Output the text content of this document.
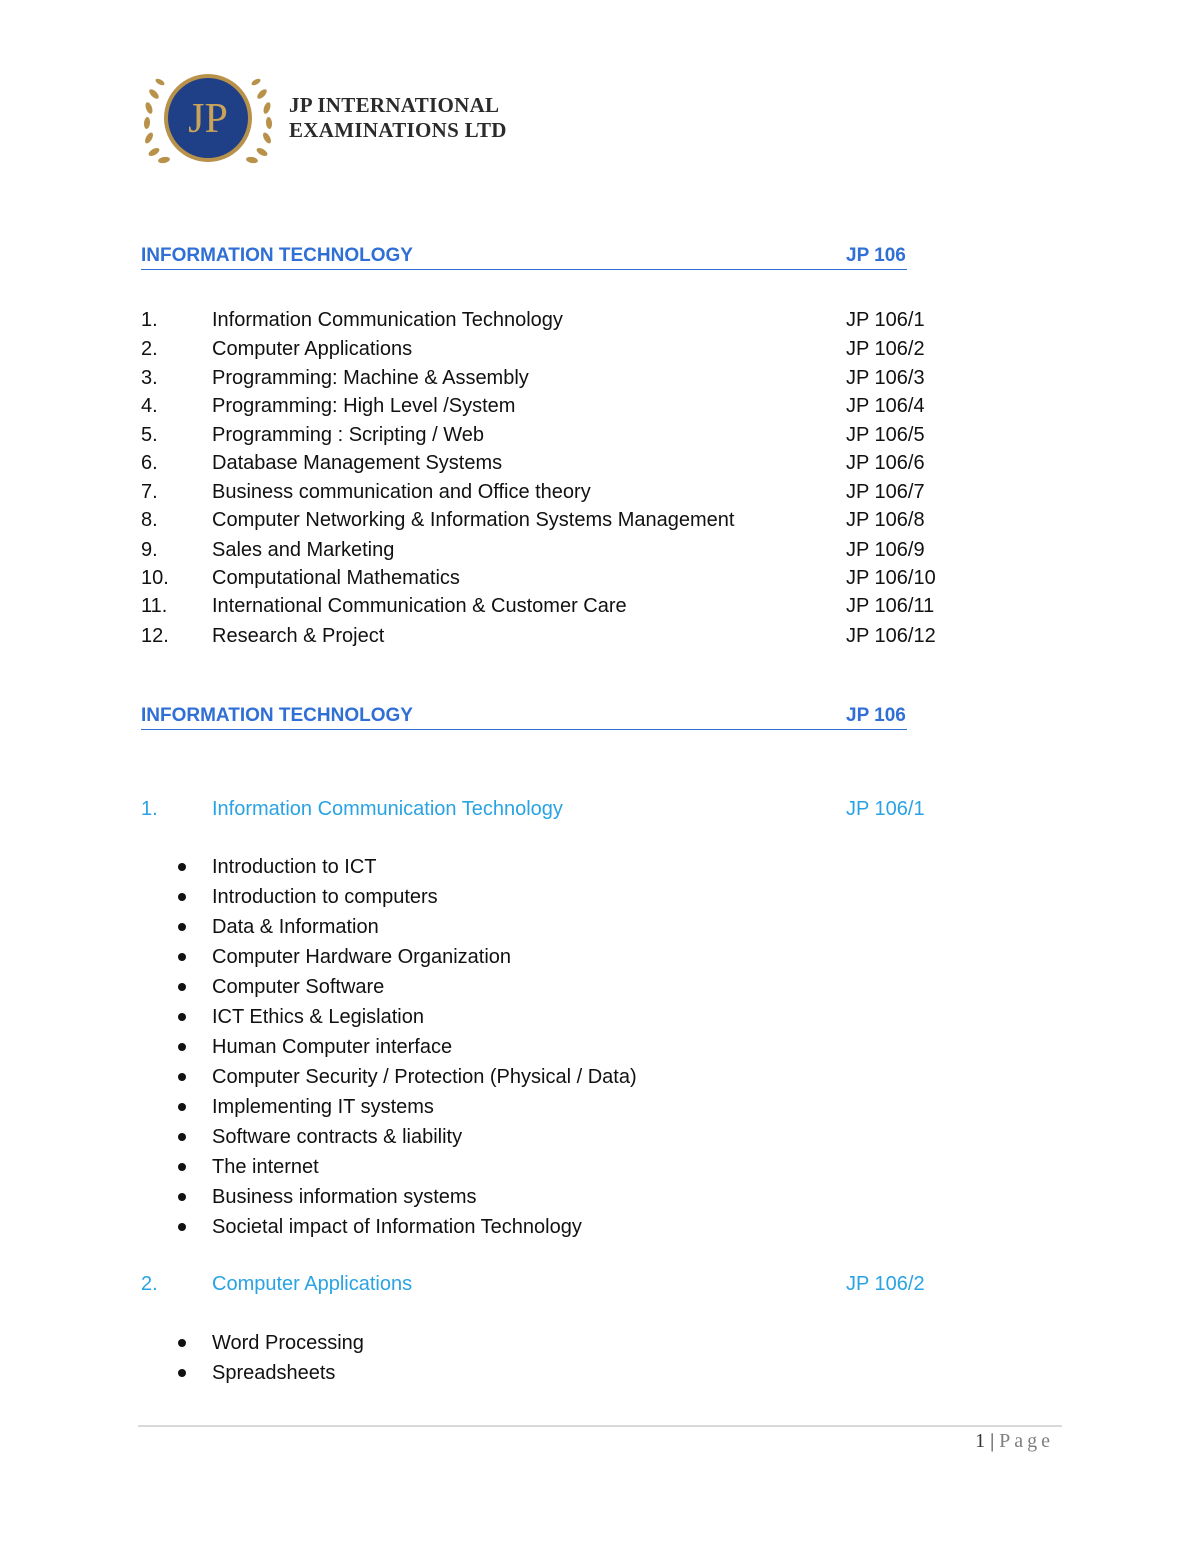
JP	JP INTERNATIONAL
EXAMINATIONS LTD
INFORMATION TECHNOLOGY	JP 106
1.	Information Communication Technology	JP 106/1
2.	Computer Applications	JP 106/2
3.	Programming: Machine & Assembly	JP 106/3
4.	Programming: High Level /System	JP 106/4
5.	Programming : Scripting / Web	JP 106/5
6.	Database Management Systems	JP 106/6
7.	Business communication and Office theory	JP 106/7
8.	Computer Networking & Information Systems Management	JP 106/8
9.	Sales and Marketing	JP 106/9
10. Computational Mathematics	JP 106/10
11. International Communication & Customer Care	JP 106/11
12. Research & Project	JP 106/12
INFORMATION TECHNOLOGY	JP 106
1.	Information Communication Technology	JP 106/1
Introduction to ICT
Introduction to computers
Data & Information
Computer Hardware Organization
Computer Software
ICT Ethics & Legislation
Human Computer interface
Computer Security / Protection (Physical / Data)
Implementing IT systems
Software contracts & liability
The internet
Business information systems
Societal impact of Information Technology
2.	Computer Applications	JP 106/2
Word Processing
Spreadsheets
1 | Page
